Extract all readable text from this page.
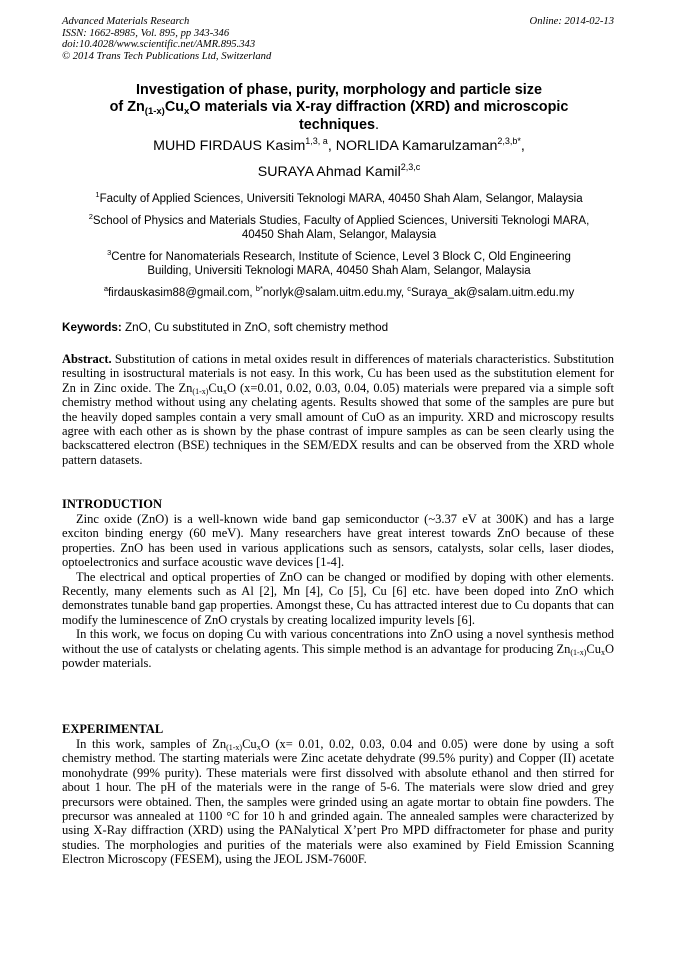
Advanced Materials Research
ISSN: 1662-8985, Vol. 895, pp 343-346
doi:10.4028/www.scientific.net/AMR.895.343
© 2014 Trans Tech Publications Ltd, Switzerland
Online: 2014-02-13
Investigation of phase, purity, morphology and particle size
of $Zn_{(1-x)}Cu_xO$ materials via X-ray diffraction (XRD) and microscopic
techniques.
MUHD FIRDAUS Kasim$^{1,3, a}$, NORLIDA Kamarulzaman$^{2,3,b*}$,
SURAYA Ahmad Kamil$^{2,3,c}$
$^1$Faculty of Applied Sciences, Universiti Teknologi MARA, 40450 Shah Alam, Selangor, Malaysia
$^2$School of Physics and Materials Studies, Faculty of Applied Sciences, Universiti Teknologi MARA,
40450 Shah Alam, Selangor, Malaysia
$^3$Centre for Nanomaterials Research, Institute of Science, Level 3 Block C, Old Engineering
Building, Universiti Teknologi MARA, 40450 Shah Alam, Selangor, Malaysia
$^a$firdauskasim88@gmail.com, $^{b*}$norlyk@salam.uitm.edu.my, $^c$Suraya_ak@salam.uitm.edu.my
Keywords: ZnO, Cu substituted in ZnO, soft chemistry method

Abstract. Substitution of cations in metal oxides result in differences of materials characteristics. Substitution resulting in isostructural materials is not easy. In this work, Cu has been used as the substitution element for Zn in Zinc oxide. The $Zn_{(1-x)}Cu_xO$ (x=0.01, 0.02, 0.03, 0.04, 0.05) materials were prepared via a simple soft chemistry method without using any chelating agents. Results showed that some of the samples are pure but the heavily doped samples contain a very small amount of CuO as an impurity. XRD and microscopy results agree with each other as is shown by the phase contrast of impure samples as can be seen clearly using the backscattered electron (BSE) techniques in the SEM/EDX results and can be observed from the XRD whole pattern datasets.

INTRODUCTION

Zinc oxide (ZnO) is a well-known wide band gap semiconductor (~3.37 eV at 300K) and has a large exciton binding energy (60 meV). Many researchers have great interest towards ZnO because of these properties. ZnO has been used in various applications such as sensors, catalysts, solar cells, laser diodes, optoelectronics and surface acoustic wave devices [1-4].

The electrical and optical properties of ZnO can be changed or modified by doping with other elements. Recently, many elements such as Al [2], Mn [4], Co [5], Cu [6] etc. have been doped into ZnO which demonstrates tunable band gap properties. Amongst these, Cu has attracted interest due to Cu dopants that can modify the luminescence of ZnO crystals by creating localized impurity levels [6].

In this work, we focus on doping Cu with various concentrations into ZnO using a novel synthesis method without the use of catalysts or chelating agents. This simple method is an advantage for producing $Zn_{(1-x)}Cu_xO$ powder materials.

EXPERIMENTAL

In this work, samples of $Zn_{(1-x)}Cu_xO$ (x= 0.01, 0.02, 0.03, 0.04 and 0.05) were done by using a soft chemistry method. The starting materials were Zinc acetate dehydrate (99.5% purity) and Copper (II) acetate monohydrate (99% purity). These materials were first dissolved with absolute ethanol and then stirred for about 1 hour. The pH of the materials were in the range of 5-6. The materials were slow dried and grey precursors were obtained. Then, the samples were grinded using an agate mortar to obtain fine powders. The precursor was annealed at 1100 °C for 10 h and grinded again. The annealed samples were characterized by using X-Ray diffraction (XRD) using the PANalytical X’pert Pro MPD diffractometer for phase and purity studies. The morphologies and purities of the materials were also examined by Field Emission Scanning Electron Microscopy (FESEM), using the JEOL JSM-7600F.
